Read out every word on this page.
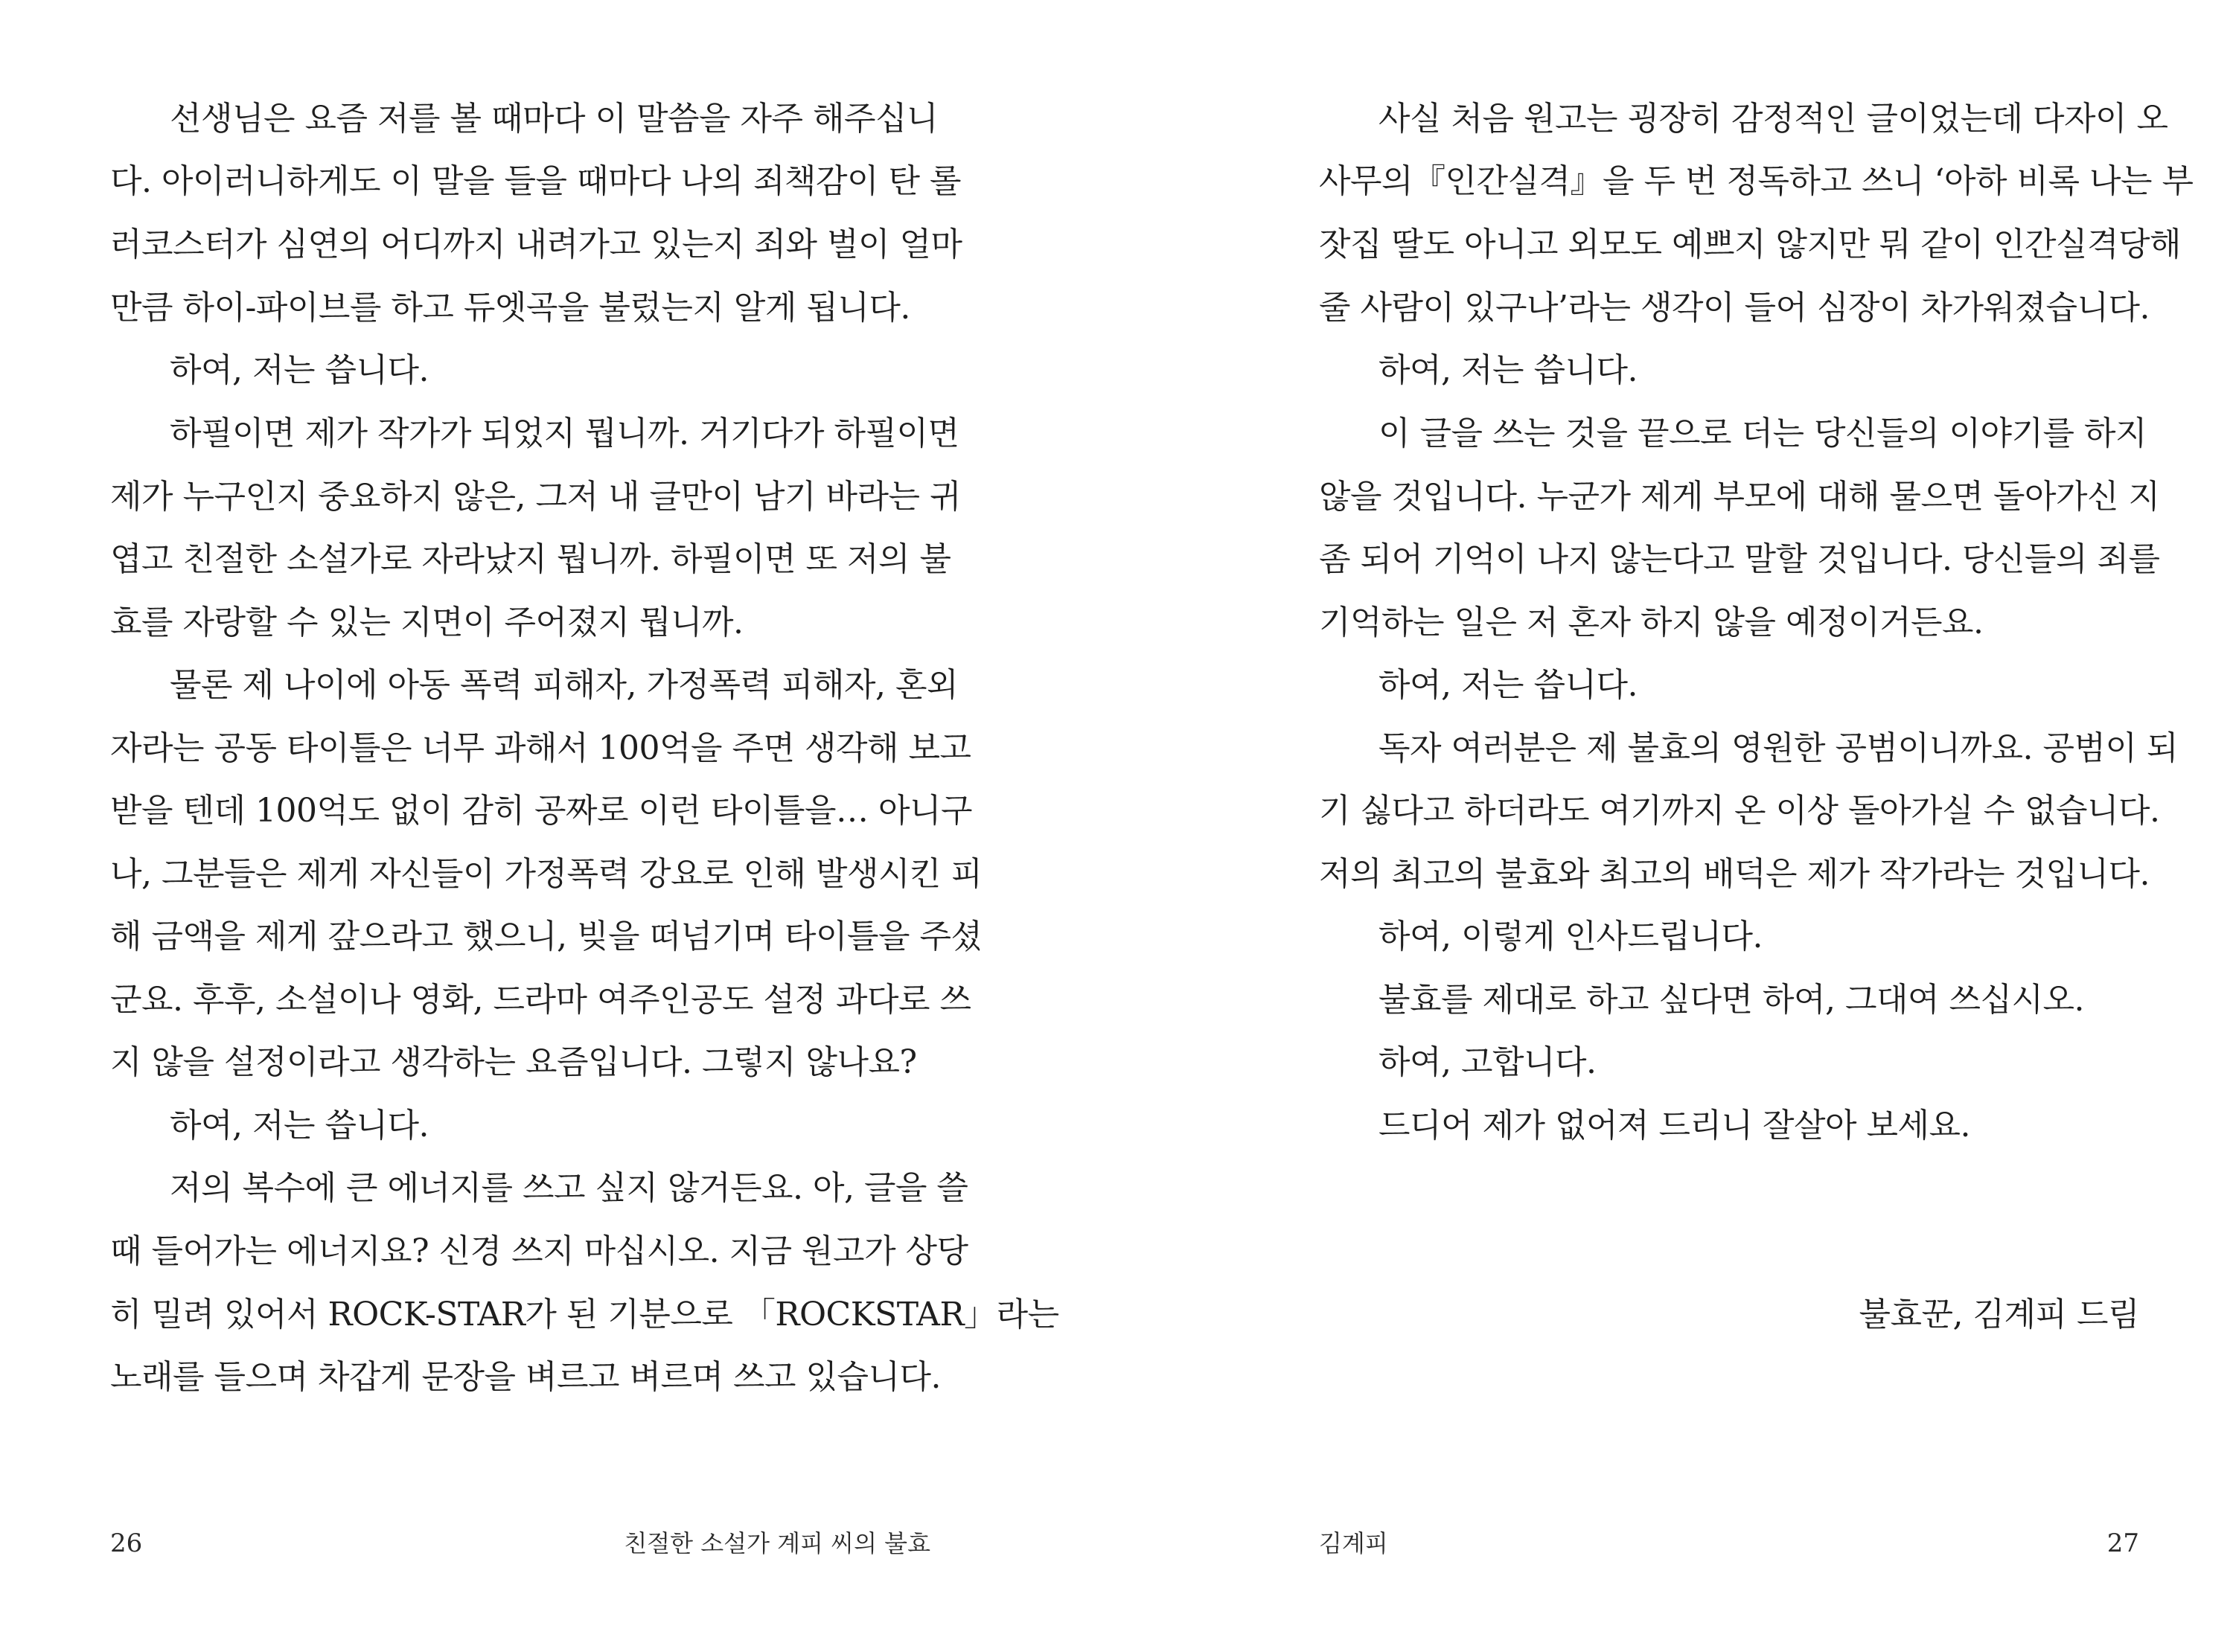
선생님은 요즘 저를 볼 때마다 이 말씀을 자주 해주십니
다. 아이러니하게도 이 말을 들을 때마다 나의 죄책감이 탄 롤
러코스터가 심연의 어디까지 내려가고 있는지 죄와 벌이 얼마
만큼 하이-파이브를 하고 듀엣곡을 불렀는지 알게 됩니다.
하여, 저는 씁니다.
하필이면 제가 작가가 되었지 뭡니까. 거기다가 하필이면
제가 누구인지 중요하지 않은, 그저 내 글만이 남기 바라는 귀
엽고 친절한 소설가로 자라났지 뭡니까. 하필이면 또 저의 불
효를 자랑할 수 있는 지면이 주어졌지 뭡니까.
물론 제 나이에 아동 폭력 피해자, 가정폭력 피해자, 혼외
자라는 공동 타이틀은 너무 과해서 100억을 주면 생각해 보고
받을 텐데 100억도 없이 감히 공짜로 이런 타이틀을… 아니구
나, 그분들은 제게 자신들이 가정폭력 강요로 인해 발생시킨 피
해 금액을 제게 갚으라고 했으니, 빚을 떠넘기며 타이틀을 주셨
군요. 후후, 소설이나 영화, 드라마 여주인공도 설정 과다로 쓰
지 않을 설정이라고 생각하는 요즘입니다. 그렇지 않나요?
하여, 저는 씁니다.
저의 복수에 큰 에너지를 쓰고 싶지 않거든요. 아, 글을 쓸
때 들어가는 에너지요? 신경 쓰지 마십시오. 지금 원고가 상당
히 밀려 있어서 ROCK-STAR가 된 기분으로 「ROCKSTAR」라는
노래를 들으며 차갑게 문장을 벼르고 벼르며 쓰고 있습니다.
26	친절한 소설가 계피 씨의 불효
사실 처음 원고는 굉장히 감정적인 글이었는데 다자이 오
사무의『인간실격』을 두 번 정독하고 쓰니 ‘아하 비록 나는 부
잣집 딸도 아니고 외모도 예쁘지 않지만 뭐 같이 인간실격당해
줄 사람이 있구나’라는 생각이 들어 심장이 차가워졌습니다.
하여, 저는 씁니다.
이 글을 쓰는 것을 끝으로 더는 당신들의 이야기를 하지
않을 것입니다. 누군가 제게 부모에 대해 물으면 돌아가신 지
좀 되어 기억이 나지 않는다고 말할 것입니다. 당신들의 죄를
기억하는 일은 저 혼자 하지 않을 예정이거든요.
하여, 저는 씁니다.
독자 여러분은 제 불효의 영원한 공범이니까요. 공범이 되
기 싫다고 하더라도 여기까지 온 이상 돌아가실 수 없습니다.
저의 최고의 불효와 최고의 배덕은 제가 작가라는 것입니다.
하여, 이렇게 인사드립니다.
불효를 제대로 하고 싶다면 하여, 그대여 쓰십시오.
하여, 고합니다.
드디어 제가 없어져 드리니 잘살아 보세요.
불효꾼, 김계피 드림
김계피	27
